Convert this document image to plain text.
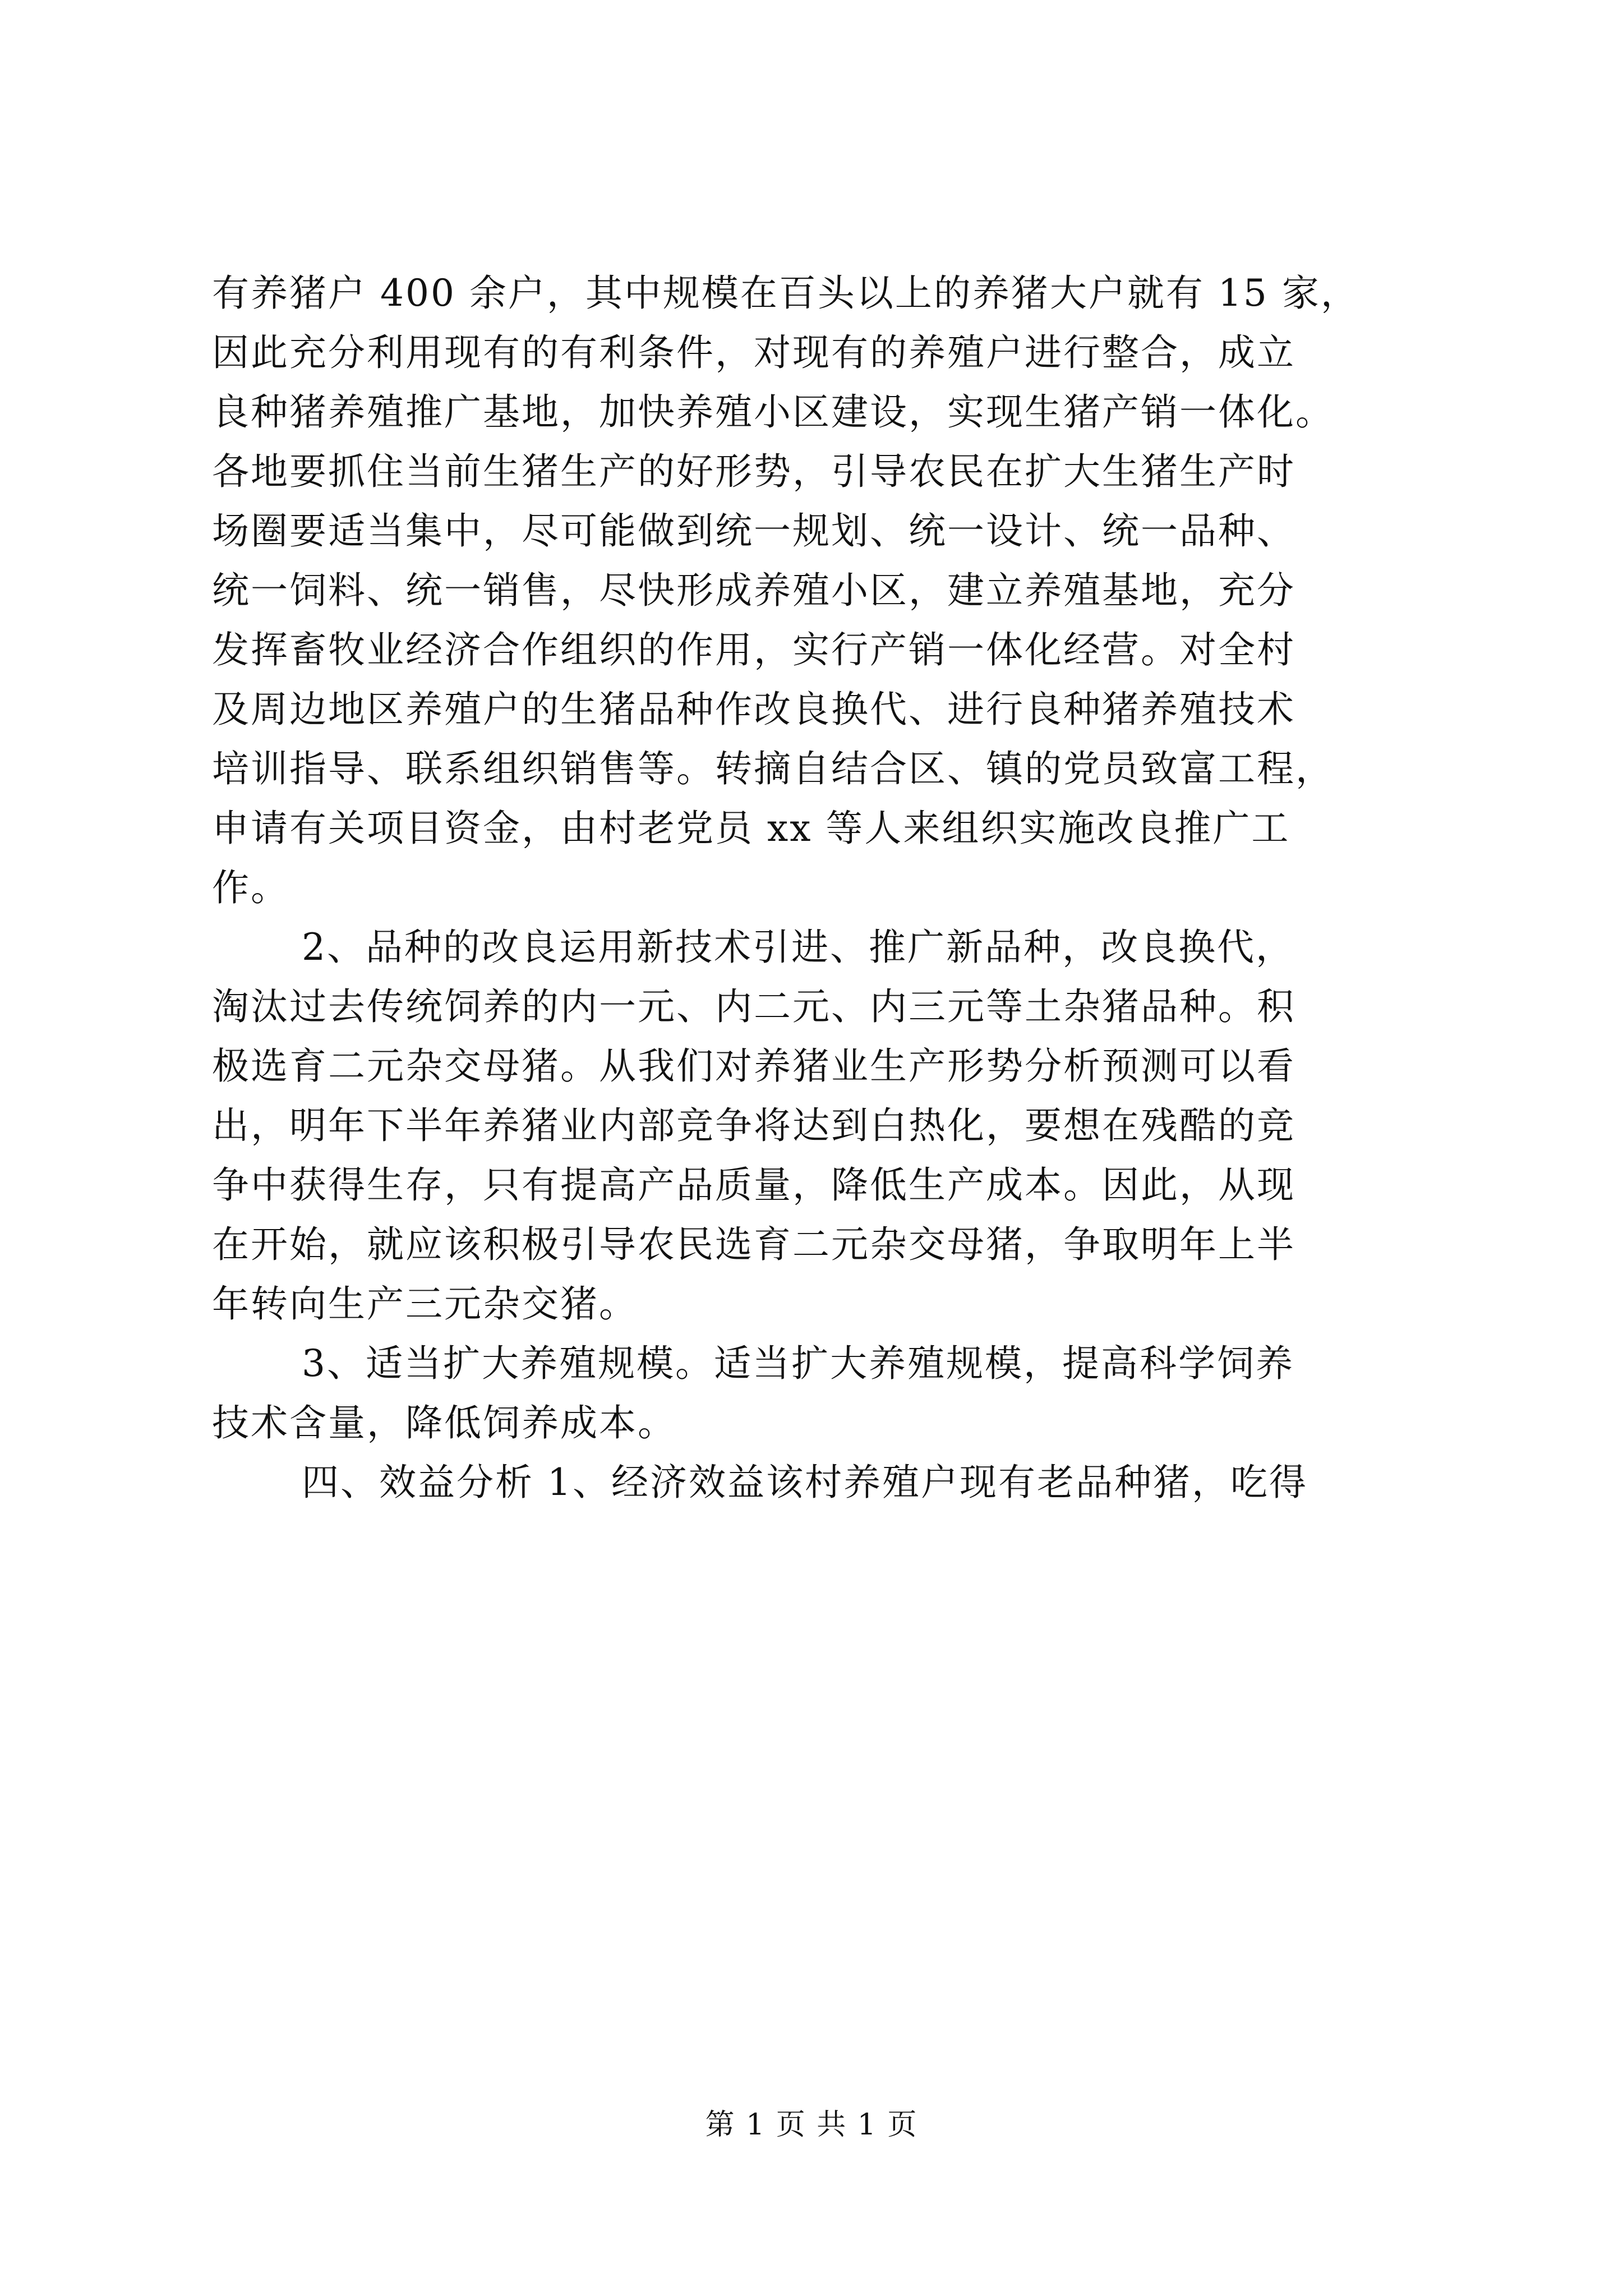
有养猪户 400 余户，其中规模在百头以上的养猪大户就有 15 家，
因此充分利用现有的有利条件，对现有的养殖户进行整合，成立
良种猪养殖推广基地，加快养殖小区建设，实现生猪产销一体化。
各地要抓住当前生猪生产的好形势，引导农民在扩大生猪生产时
场圈要适当集中，尽可能做到统一规划、统一设计、统一品种、
统一饲料、统一销售，尽快形成养殖小区，建立养殖基地，充分
发挥畜牧业经济合作组织的作用，实行产销一体化经营。对全村
及周边地区养殖户的生猪品种作改良换代、进行良种猪养殖技术
培训指导、联系组织销售等。转摘自结合区、镇的党员致富工程，
申请有关项目资金，由村老党员 xx 等人来组织实施改良推广工
作。

2、品种的改良运用新技术引进、推广新品种，改良换代，
淘汰过去传统饲养的内一元、内二元、内三元等土杂猪品种。积
极选育二元杂交母猪。从我们对养猪业生产形势分析预测可以看
出，明年下半年养猪业内部竞争将达到白热化，要想在残酷的竞
争中获得生存，只有提高产品质量，降低生产成本。因此，从现
在开始，就应该积极引导农民选育二元杂交母猪，争取明年上半
年转向生产三元杂交猪。

3、适当扩大养殖规模。适当扩大养殖规模，提高科学饲养
技术含量，降低饲养成本。

四、效益分析 1、经济效益该村养殖户现有老品种猪，吃得

第 1 页 共 1 页
